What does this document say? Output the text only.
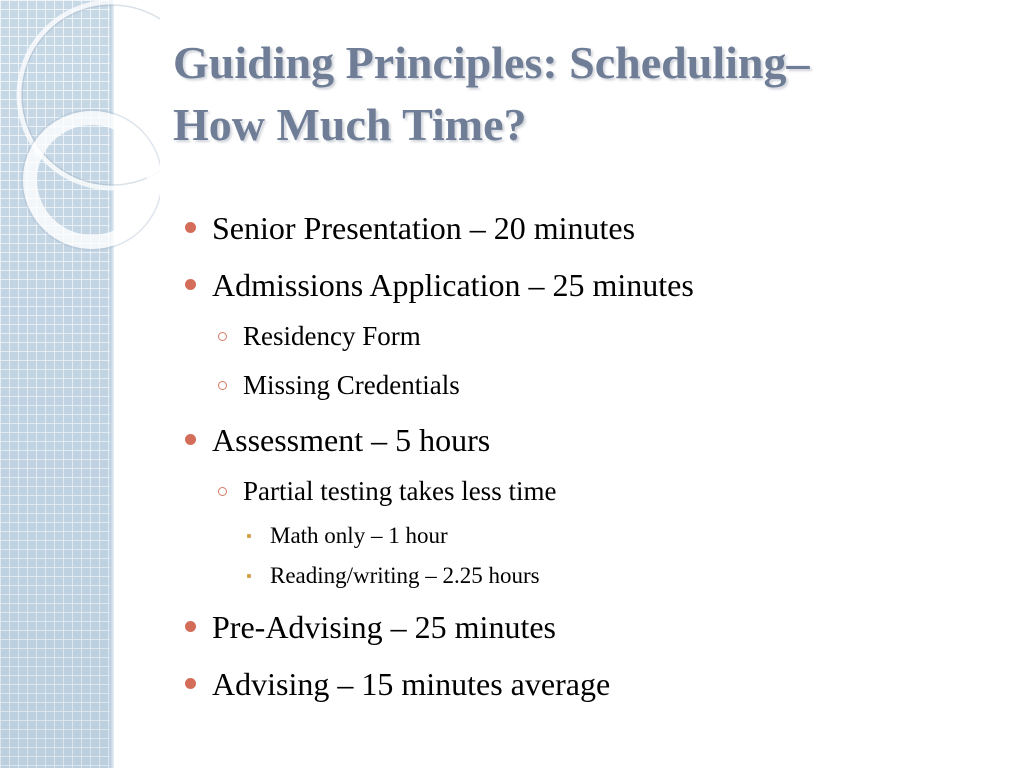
Guiding Principles: Scheduling–
How Much Time?
Senior Presentation – 20 minutes
Admissions Application – 25 minutes
Residency Form
Missing Credentials
Assessment – 5 hours
Partial testing takes less time
Math only – 1 hour
Reading/writing – 2.25 hours
Pre-Advising – 25 minutes
Advising – 15 minutes average
